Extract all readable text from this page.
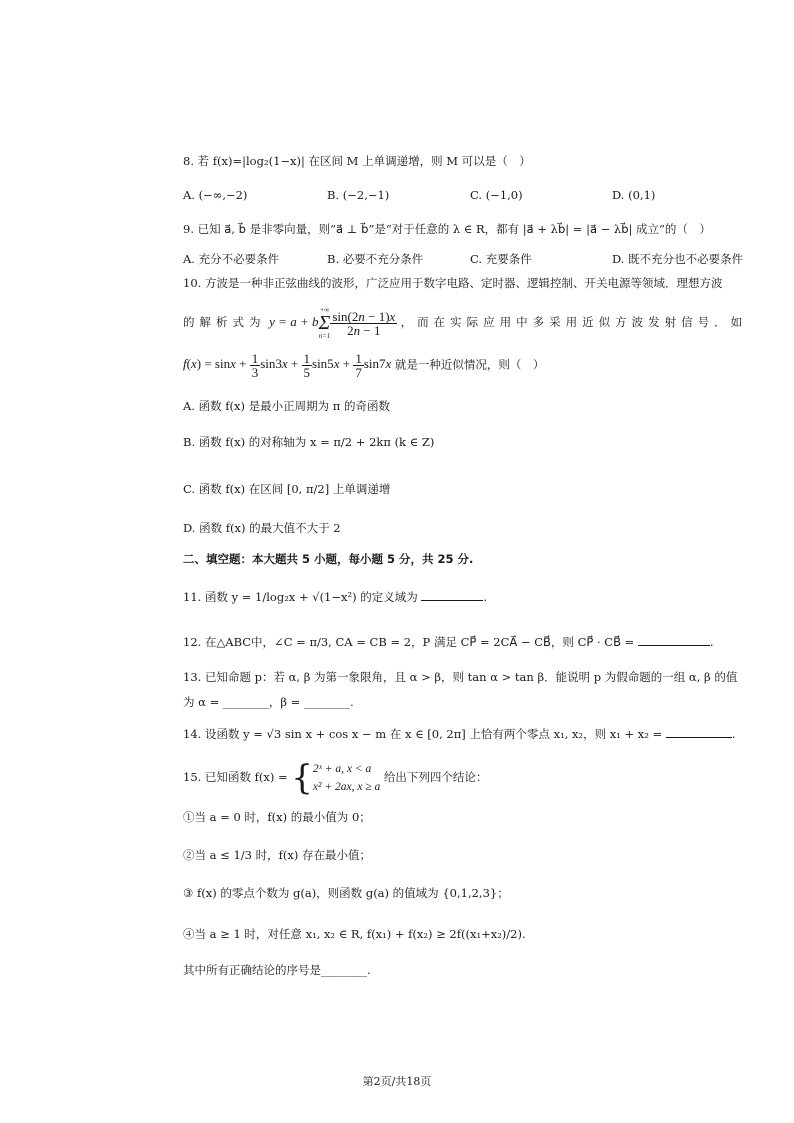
8. 若 f(x)=|log₂(1−x)| 在区间 M 上单调递增，则 M 可以是（　）
A. (−∞,−2)	B. (−2,−1)	C. (−1,0)	D. (0,1)
9. 已知 a⃗, b⃗ 是非零向量，则“a⃗ ⊥ b⃗”是“对于任意的 λ ∈ R，都有 |a⃗ + λb⃗| = |a⃗ − λb⃗| 成立”的（　）
A. 充分不必要条件	B. 必要不充分条件	C. 充要条件	D. 既不充分也不必要条件
10. 方波是一种非正弦曲线的波形，广泛应用于数字电路、定时器、逻辑控制、开关电源等领域．理想方波
的解析式为 y = a + b
+∞
Σ
$n=1 \frac{\sin(2n - 1)x}{2n - 1}$ ，而在实际应用中多采用近似方波发射信号．如
$f(x) = \sin x + \frac{1}{3} \sin 3x + \frac{1}{5} \sin 5x + \frac{1}{7} \sin 7x$ 就是一种近似情况，则（　）
A. 函数 f(x) 是最小正周期为 π 的奇函数
B. 函数 f(x) 的对称轴为 x = π/2 + 2kπ (k ∈ Z)
C. 函数 f(x) 在区间 [0, π/2] 上单调递增
D. 函数 f(x) 的最大值不大于 2
二、填空题：本大题共 5 小题，每小题 5 分，共 25 分.
11. 函数 y = 1/log₂x + √(1−x²) 的定义域为	.
12. 在△ABC中，∠C = π/3, CA = CB = 2，P 满足 CP⃗ = 2CA⃗ − CB⃗，则 CP⃗ · CB⃗ =	.
13. 已知命题 p：若 α, β 为第一象限角，且 α > β，则 tan α > tan β．能说明 p 为假命题的一组 α, β 的值
为 α = ________，β = ________.
14. 设函数 y = √3 sin x + cos x − m 在 x ∈ [0, 2π] 上恰有两个零点 x₁, x₂，则 x₁ + x₂ =	.
15. 已知函数 f(x) = { 2ˣ + a, x < a
x² + 2ax, x ≥ a
给出下列四个结论：
①当 a = 0 时，f(x) 的最小值为 0；
②当 a ≤ 1/3 时，f(x) 存在最小值；
③ f(x) 的零点个数为 g(a)，则函数 g(a) 的值域为 {0,1,2,3}；
④当 a ≥ 1 时，对任意 x₁, x₂ ∈ R, f(x₁) + f(x₂) ≥ 2f((x₁+x₂)/2).
其中所有正确结论的序号是________.
第2页/共18页
